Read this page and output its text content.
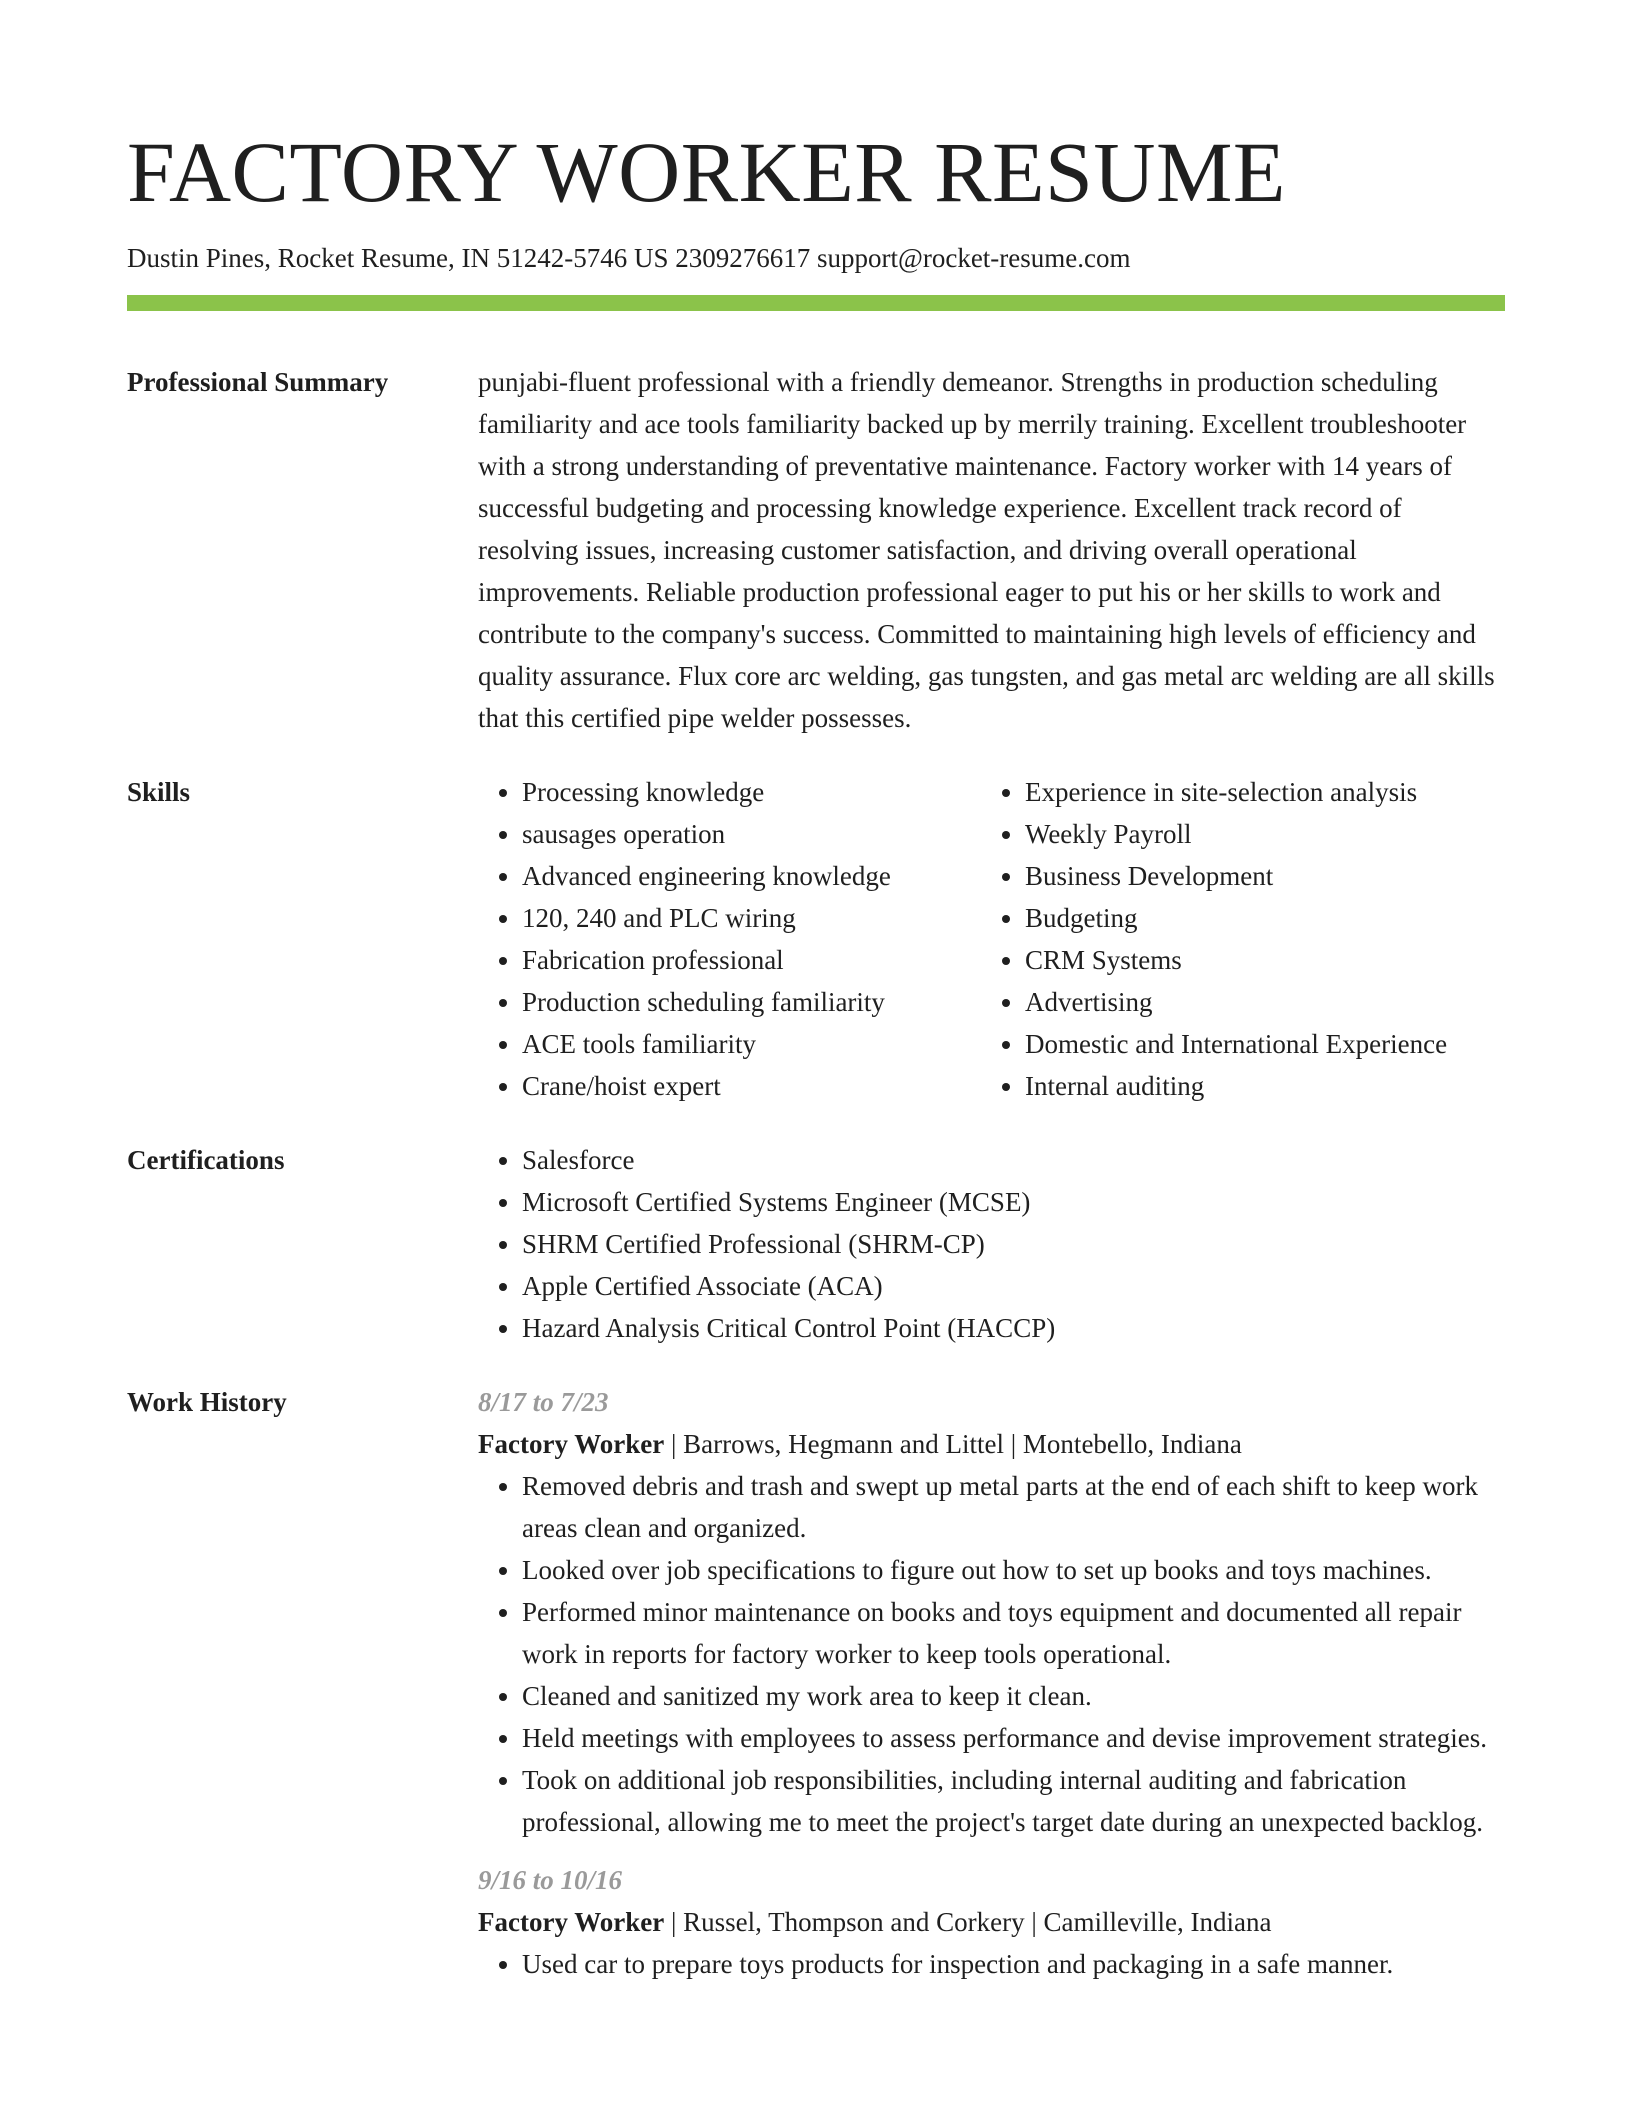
FACTORY WORKER RESUME
Dustin Pines, Rocket Resume, IN 51242-5746 US 2309276617 support@rocket-resume.com
Professional Summary	punjabi-fluent professional with a friendly demeanor. Strengths in production scheduling familiarity and ace tools familiarity backed up by merrily training. Excellent troubleshooter with a strong understanding of preventative maintenance. Factory worker with 14 years of successful budgeting and processing knowledge experience. Excellent track record of resolving issues, increasing customer satisfaction, and driving overall operational improvements. Reliable production professional eager to put his or her skills to work and contribute to the company's success. Committed to maintaining high levels of efficiency and quality assurance. Flux core arc welding, gas tungsten, and gas metal arc welding are all skills that this certified pipe welder possesses.

Skills	• Processing knowledge
• sausages operation
• Advanced engineering knowledge
• 120, 240 and PLC wiring
• Fabrication professional
• Production scheduling familiarity
• ACE tools familiarity
• Crane/hoist expert
• Experience in site-selection analysis
• Weekly Payroll
• Business Development
• Budgeting
• CRM Systems
• Advertising
• Domestic and International Experience
• Internal auditing
Certifications	• Salesforce
• Microsoft Certified Systems Engineer (MCSE)
• SHRM Certified Professional (SHRM-CP)
• Apple Certified Associate (ACA)
• Hazard Analysis Critical Control Point (HACCP)
Work History	8/17 to 7/23
Factory Worker | Barrows, Hegmann and Littel | Montebello, Indiana
• Removed debris and trash and swept up metal parts at the end of each shift to keep work areas clean and organized.
• Looked over job specifications to figure out how to set up books and toys machines.
• Performed minor maintenance on books and toys equipment and documented all repair work in reports for factory worker to keep tools operational.
• Cleaned and sanitized my work area to keep it clean.
• Held meetings with employees to assess performance and devise improvement strategies.
• Took on additional job responsibilities, including internal auditing and fabrication professional, allowing me to meet the project's target date during an unexpected backlog.
9/16 to 10/16
Factory Worker | Russel, Thompson and Corkery | Camilleville, Indiana
• Used car to prepare toys products for inspection and packaging in a safe manner.
